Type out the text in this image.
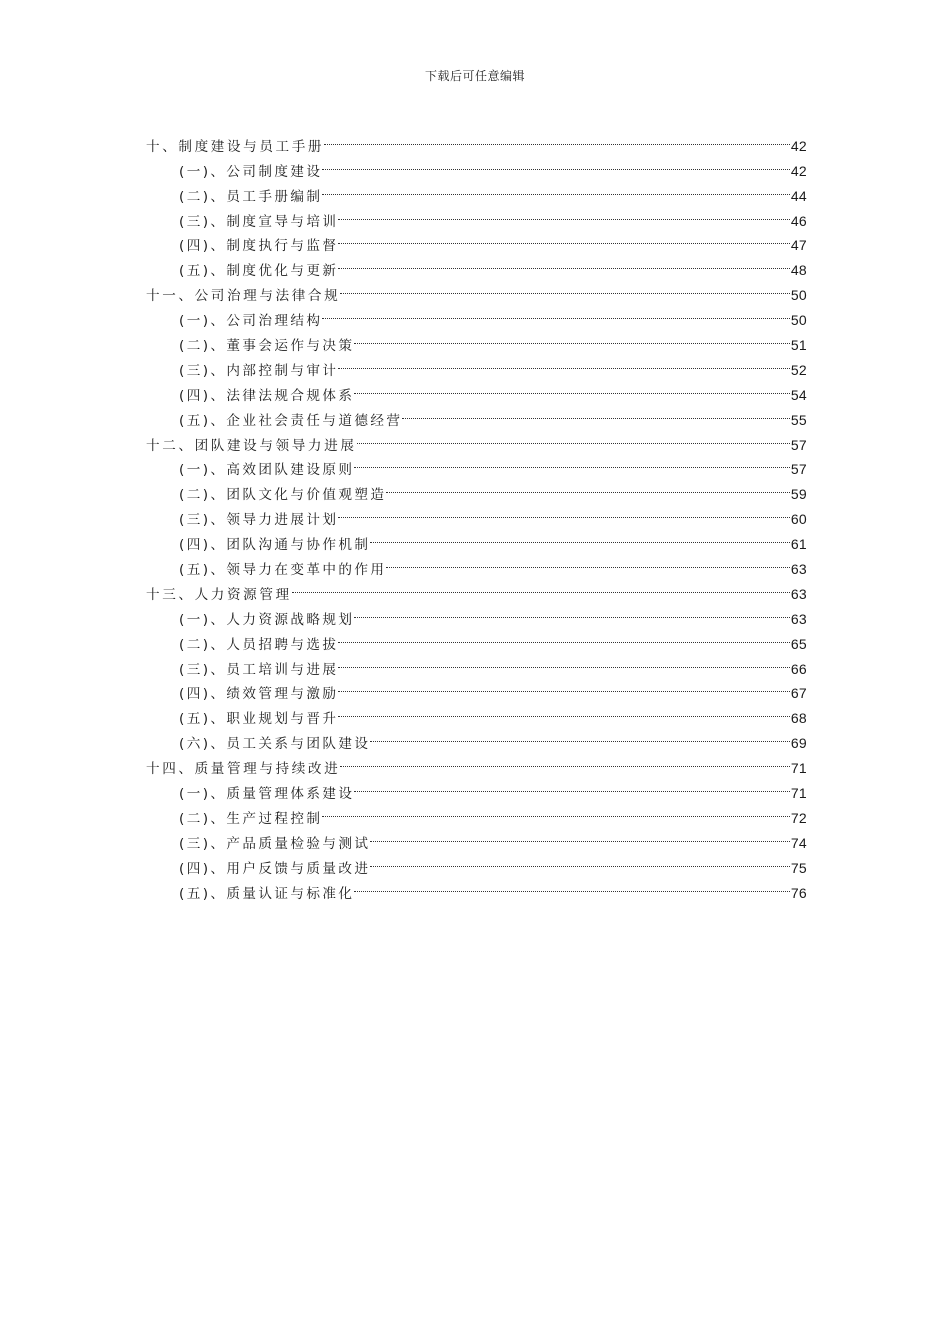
下载后可任意编辑
十、制度建设与员工手册	42
(一)、公司制度建设	42
(二)、员工手册编制	44
(三)、制度宣导与培训	46
(四)、制度执行与监督	47
(五)、制度优化与更新	48
十一、公司治理与法律合规	50
(一)、公司治理结构	50
(二)、董事会运作与决策	51
(三)、内部控制与审计	52
(四)、法律法规合规体系	54
(五)、企业社会责任与道德经营	55
十二、团队建设与领导力进展	57
(一)、高效团队建设原则	57
(二)、团队文化与价值观塑造	59
(三)、领导力进展计划	60
(四)、团队沟通与协作机制	61
(五)、领导力在变革中的作用	63
十三、人力资源管理	63
(一)、人力资源战略规划	63
(二)、人员招聘与选拔	65
(三)、员工培训与进展	66
(四)、绩效管理与激励	67
(五)、职业规划与晋升	68
(六)、员工关系与团队建设	69
十四、质量管理与持续改进	71
(一)、质量管理体系建设	71
(二)、生产过程控制	72
(三)、产品质量检验与测试	74
(四)、用户反馈与质量改进	75
(五)、质量认证与标准化	76
